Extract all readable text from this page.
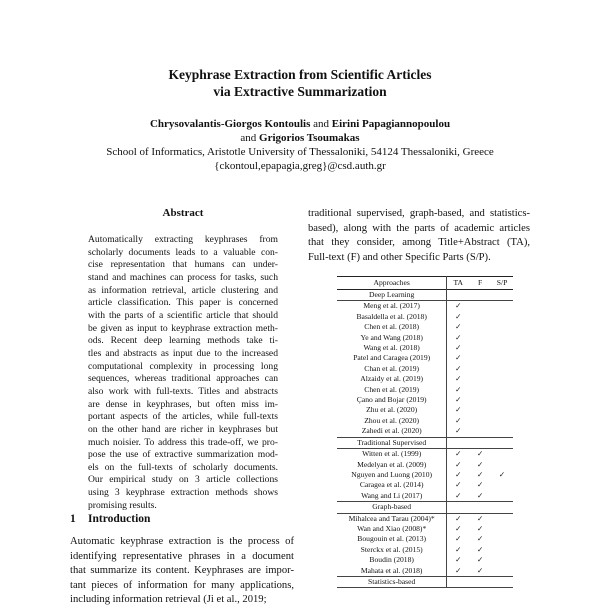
Keyphrase Extraction from Scientific Articles
via Extractive Summarization
Chrysovalantis-Giorgos Kontoulis and Eirini Papagiannopoulou
and Grigorios Tsoumakas
School of Informatics, Aristotle University of Thessaloniki, 54124 Thessaloniki, Greece
{ckontoul,epapagia,greg}@csd.auth.gr
Abstract
Automatically extracting keyphrases from
scholarly documents leads to a valuable con-
cise representation that humans can under-
stand and machines can process for tasks, such
as information retrieval, article clustering and
article classification. This paper is concerned
with the parts of a scientific article that should
be given as input to keyphrase extraction meth-
ods. Recent deep learning methods take ti-
tles and abstracts as input due to the increased
computational complexity in processing long
sequences, whereas traditional approaches can
also work with full-texts. Titles and abstracts
are dense in keyphrases, but often miss im-
portant aspects of the articles, while full-texts
on the other hand are richer in keyphrases but
much noisier. To address this trade-off, we pro-
pose the use of extractive summarization mod-
els on the full-texts of scholarly documents.
Our empirical study on 3 article collections
using 3 keyphrase extraction methods shows
promising results.
1 Introduction
Automatic keyphrase extraction is the process of
identifying representative phrases in a document
that summarize its content. Keyphrases are impor-
tant pieces of information for many applications,
including information retrieval (Ji et al., 2019;
traditional supervised, graph-based, and statistics-
based), along with the parts of academic articles
that they consider, among Title+Abstract (TA),
Full-text (F) and other Specific Parts (S/P).
Approaches	TA	F	S/P
Deep Learning			
Meng et al. (2017)	✓		
Basaldella et al. (2018)	✓		
Chen et al. (2018)	✓		
Ye and Wang (2018)	✓		
Wang et al. (2018)	✓		
Patel and Caragea (2019)	✓		
Chan et al. (2019)	✓		
Alzaidy et al. (2019)	✓		
Chen et al. (2019)	✓		
Çano and Bojar (2019)	✓		
Zhu et al. (2020)	✓		
Zhou et al. (2020)	✓		
Zahedi et al. (2020)	✓		
Traditional Supervised			
Witten et al. (1999)	✓	✓	
Medelyan et al. (2009)	✓	✓	
Nguyen and Luong (2010)	✓	✓	✓
Caragea et al. (2014)	✓	✓	
Wang and Li (2017)	✓	✓	
Graph-based			
Mihalcea and Tarau (2004)*	✓	✓	
Wan and Xiao (2008)*	✓	✓	
Bougouin et al. (2013)	✓	✓	
Sterckx et al. (2015)	✓	✓	
Boudin (2018)	✓	✓	
Mahata et al. (2018)	✓	✓	
Statistics-based			
